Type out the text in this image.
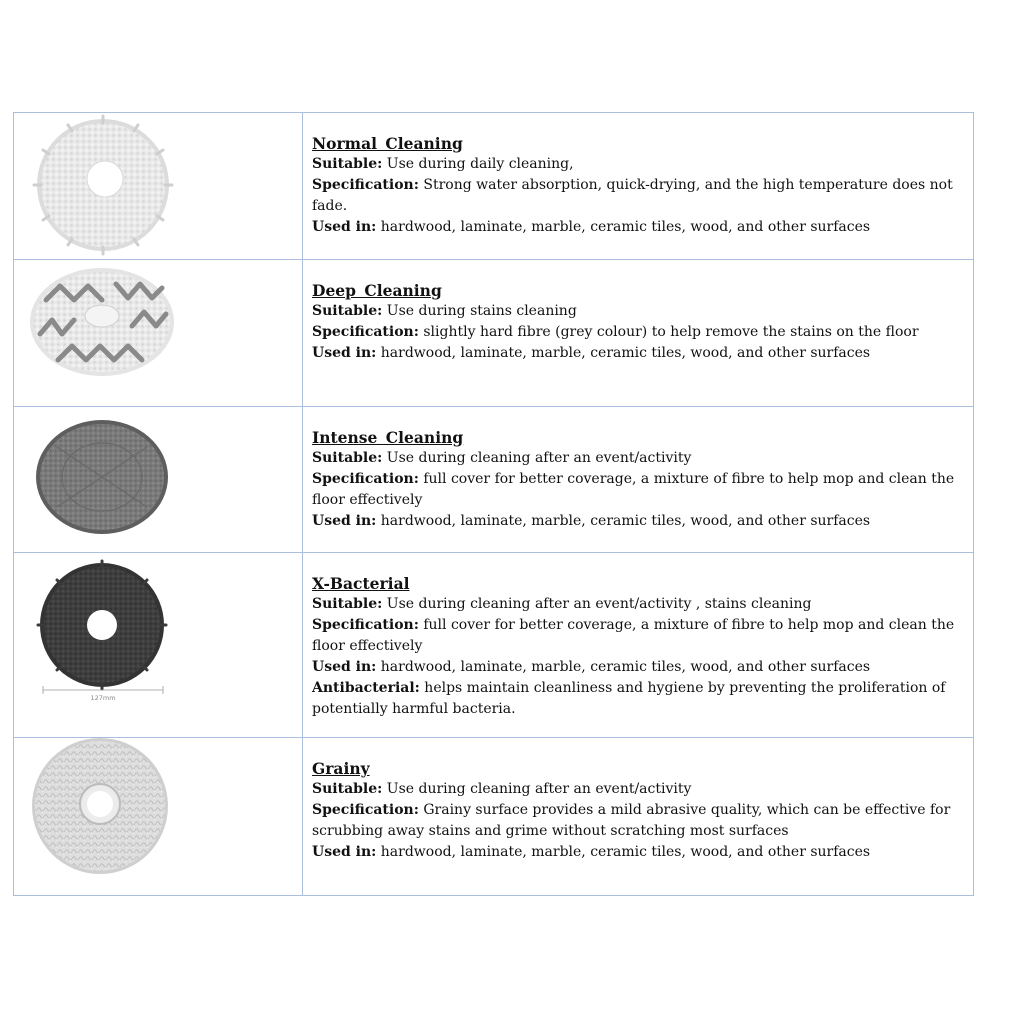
Normal Cleaning
Suitable: Use during daily cleaning,
Specification: Strong water absorption, quick-drying, and the high temperature does not fade.
Used in: hardwood, laminate, marble, ceramic tiles, wood, and other surfaces

Deep Cleaning
Suitable: Use during stains cleaning
Specification: slightly hard fibre (grey colour) to help remove the stains on the floor
Used in: hardwood, laminate, marble, ceramic tiles, wood, and other surfaces

Intense Cleaning
Suitable: Use during cleaning after an event/activity
Specification: full cover for better coverage, a mixture of fibre to help mop and clean the floor effectively
Used in: hardwood, laminate, marble, ceramic tiles, wood, and other surfaces

127mm	X-Bacterial
Suitable: Use during cleaning after an event/activity , stains cleaning
Specification: full cover for better coverage, a mixture of fibre to help mop and clean the floor effectively
Used in: hardwood, laminate, marble, ceramic tiles, wood, and other surfaces
Antibacterial: helps maintain cleanliness and hygiene by preventing the proliferation of potentially harmful bacteria.

Grainy
Suitable: Use during cleaning after an event/activity
Specification: Grainy surface provides a mild abrasive quality, which can be effective for scrubbing away stains and grime without scratching most surfaces
Used in: hardwood, laminate, marble, ceramic tiles, wood, and other surfaces
